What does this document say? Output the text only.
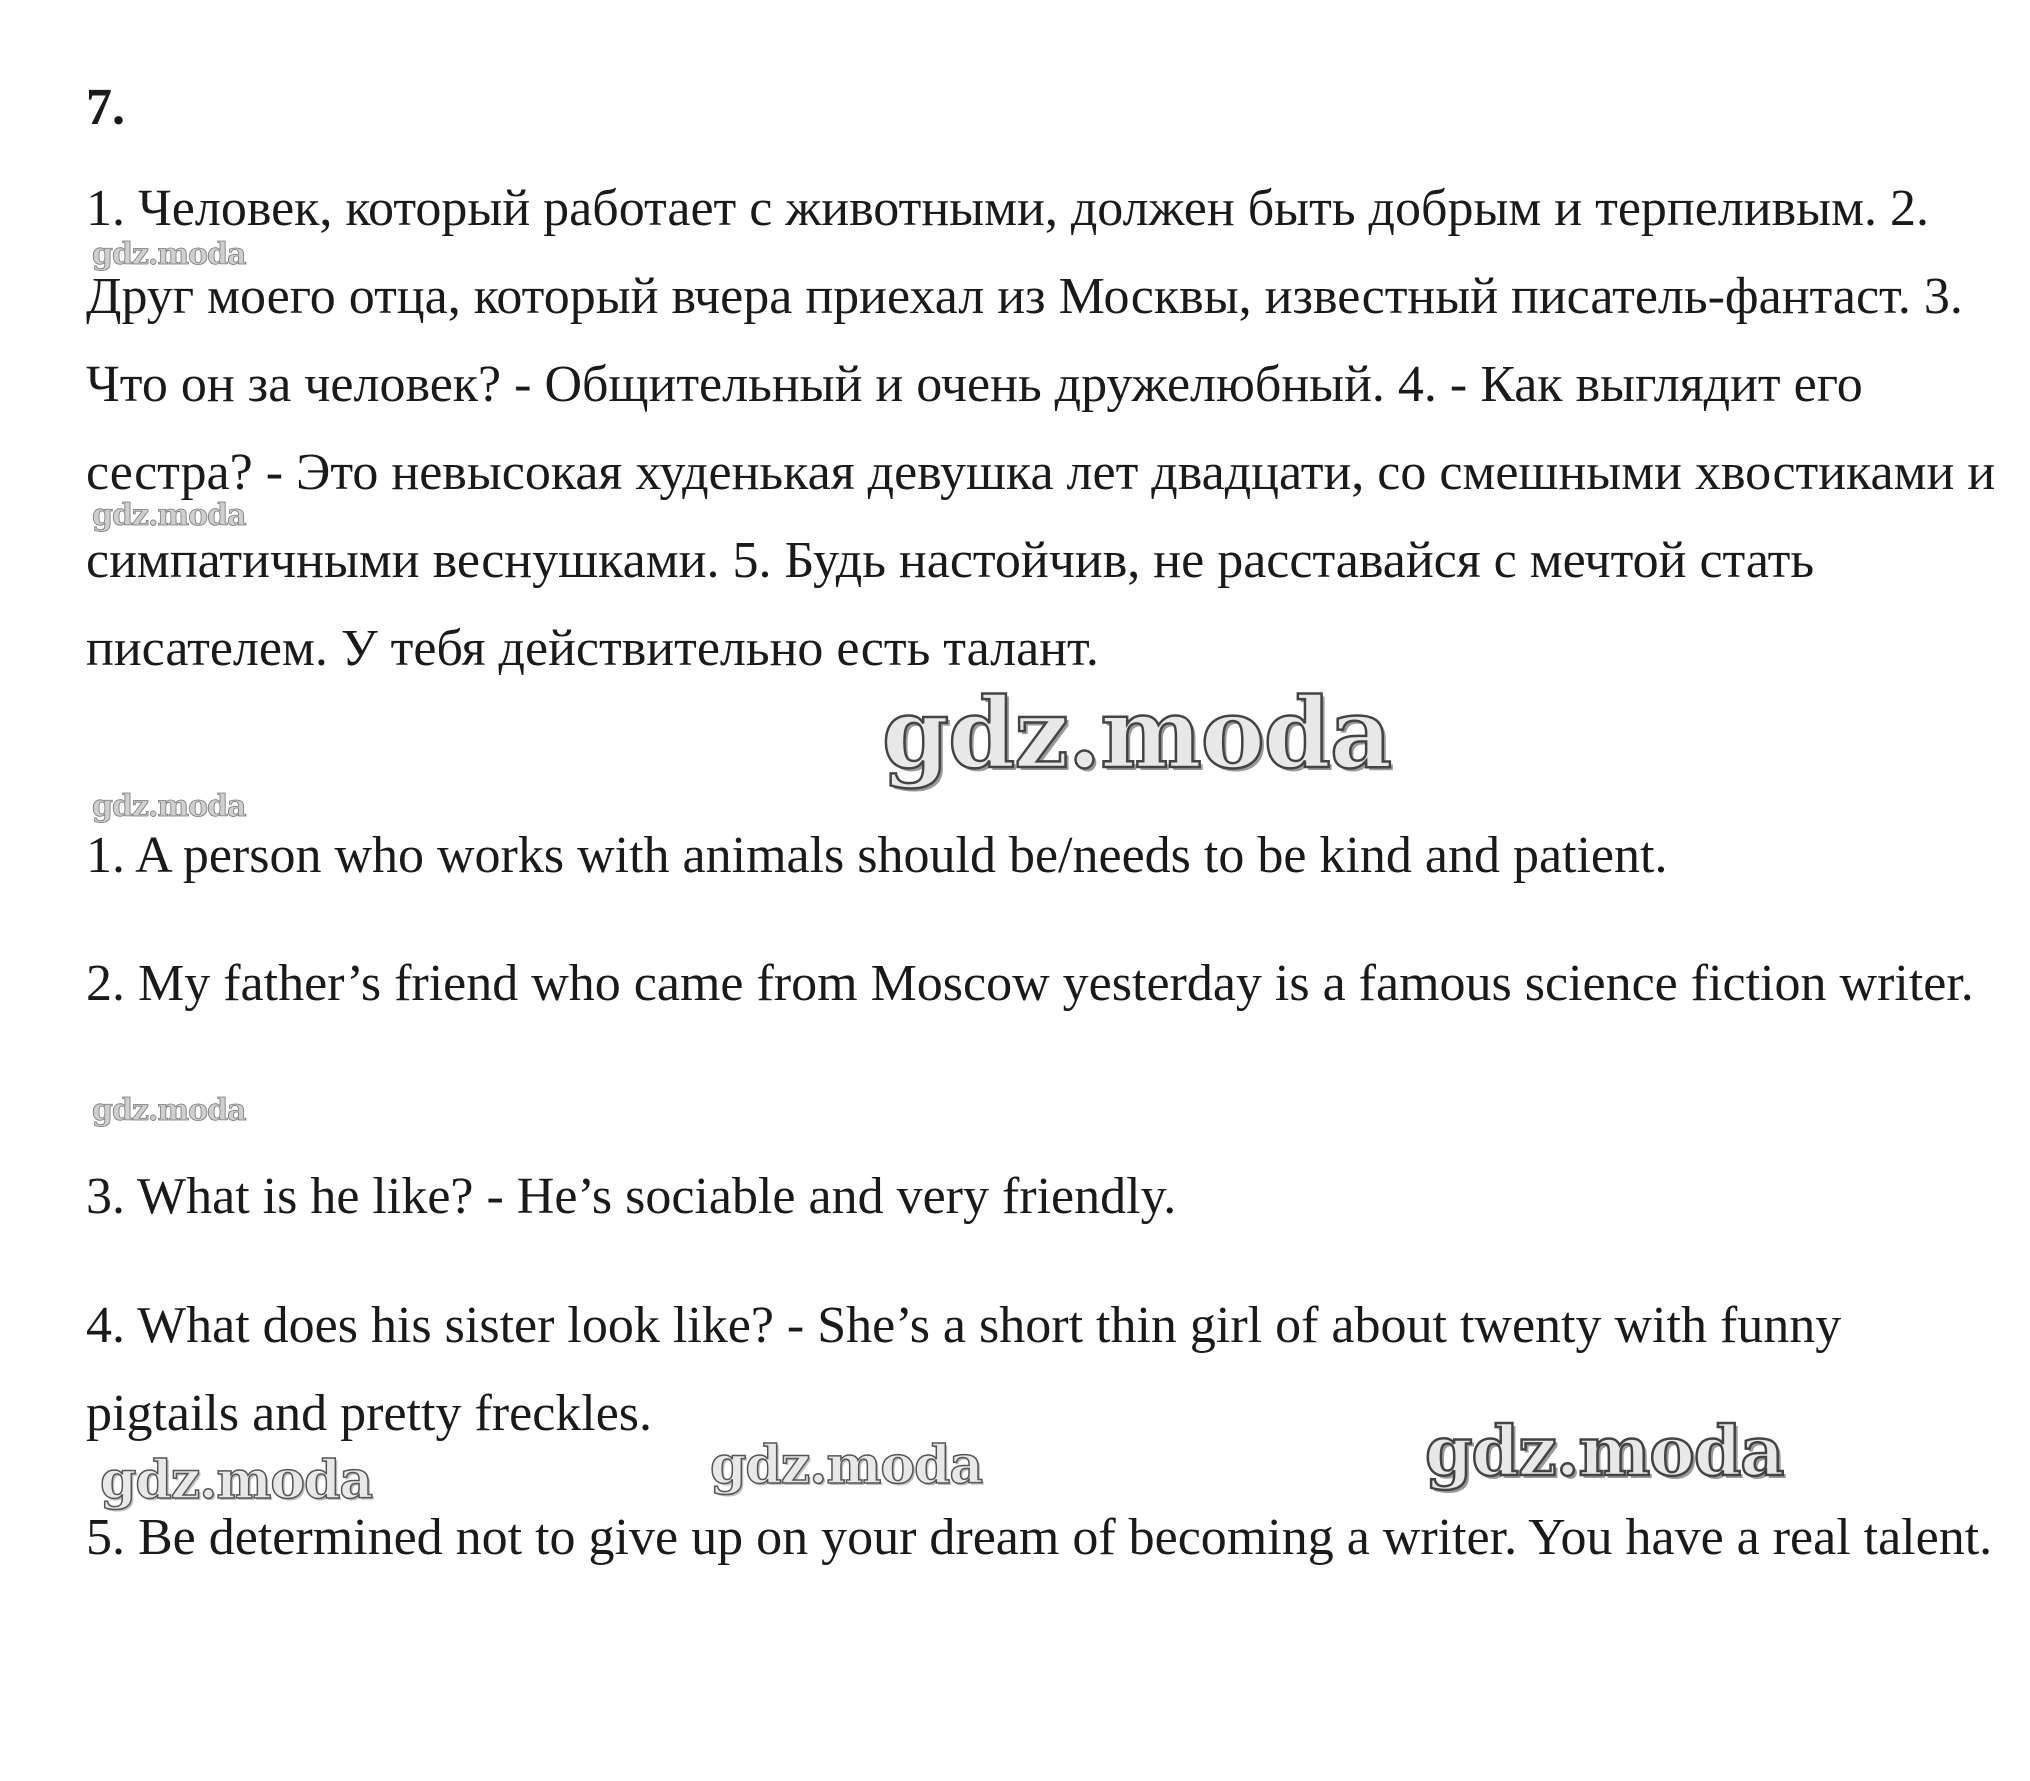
7.

1. Человек, который работает с животными, должен быть добрым и терпеливым. 2. Друг моего отца, который вчера приехал из Москвы, известный писатель-фантаст. 3. Что он за человек? - Общительный и очень дружелюбный. 4. - Как выглядит его сестра? - Это невысокая худенькая девушка лет двадцати, со смешными хвостиками и симпатичными веснушками. 5. Будь настойчив, не расставайся с мечтой стать писателем. У тебя действительно есть талант.

1. A person who works with animals should be/needs to be kind and patient.

2. My father’s friend who came from Moscow yesterday is a famous science fiction writer.

3. What is he like? - He’s sociable and very friendly.

4. What does his sister look like? - She’s a short thin girl of about twenty with funny pigtails and pretty freckles.

5. Be determined not to give up on your dream of becoming a writer. You have a real talent.

gdz.moda
gdz.moda
gdz.moda
gdz.moda
gdz.moda
gdz.moda	gdz.moda	gdz.moda
